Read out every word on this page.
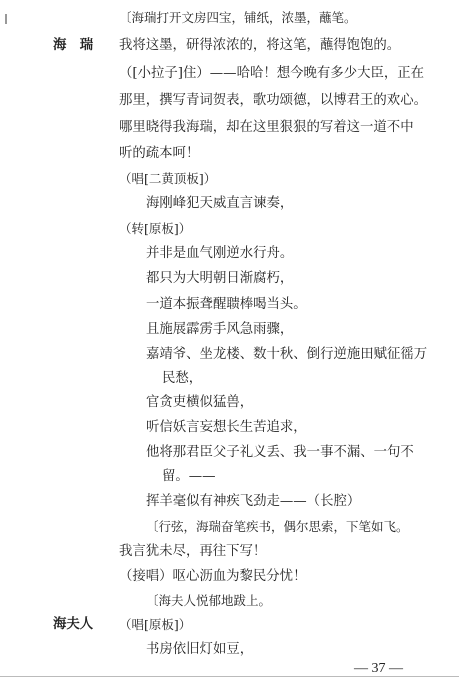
〔海瑞打开文房四宝，铺纸，浓墨，蘸笔。
海　瑞 我将这墨，研得浓浓的，将这笔，蘸得饱饱的。
（[小拉子]住）——哈哈！想今晚有多少大臣，正在
那里，撰写青词贺表，歌功颂德，以博君王的欢心。
哪里晓得我海瑞，却在这里狠狠的写着这一道不中
听的疏本呵！
（唱[二黄顶板]）
海刚峰犯天威直言谏奏，
（转[原板]）
并非是血气刚逆水行舟。
都只为大明朝日渐腐朽，
一道本振聋醒聩棒喝当头。
且施展霹雳手风急雨骤，
嘉靖爷、坐龙楼、数十秋、倒行逆施田赋征徭万
民愁，
官贪吏横似猛兽，
听信妖言妄想长生苦追求，
他将那君臣父子礼义丢、我一事不漏、一句不
留。——
挥羊毫似有神疾飞劲走——（长腔）
〔行弦，海瑞奋笔疾书，偶尔思索，下笔如飞。
我言犹未尽，再往下写！
（接唱）呕心沥血为黎民分忧！
〔海夫人悦郁地跋上。
海夫人 （唱[原板]）
书房依旧灯如豆，
— 37 —
